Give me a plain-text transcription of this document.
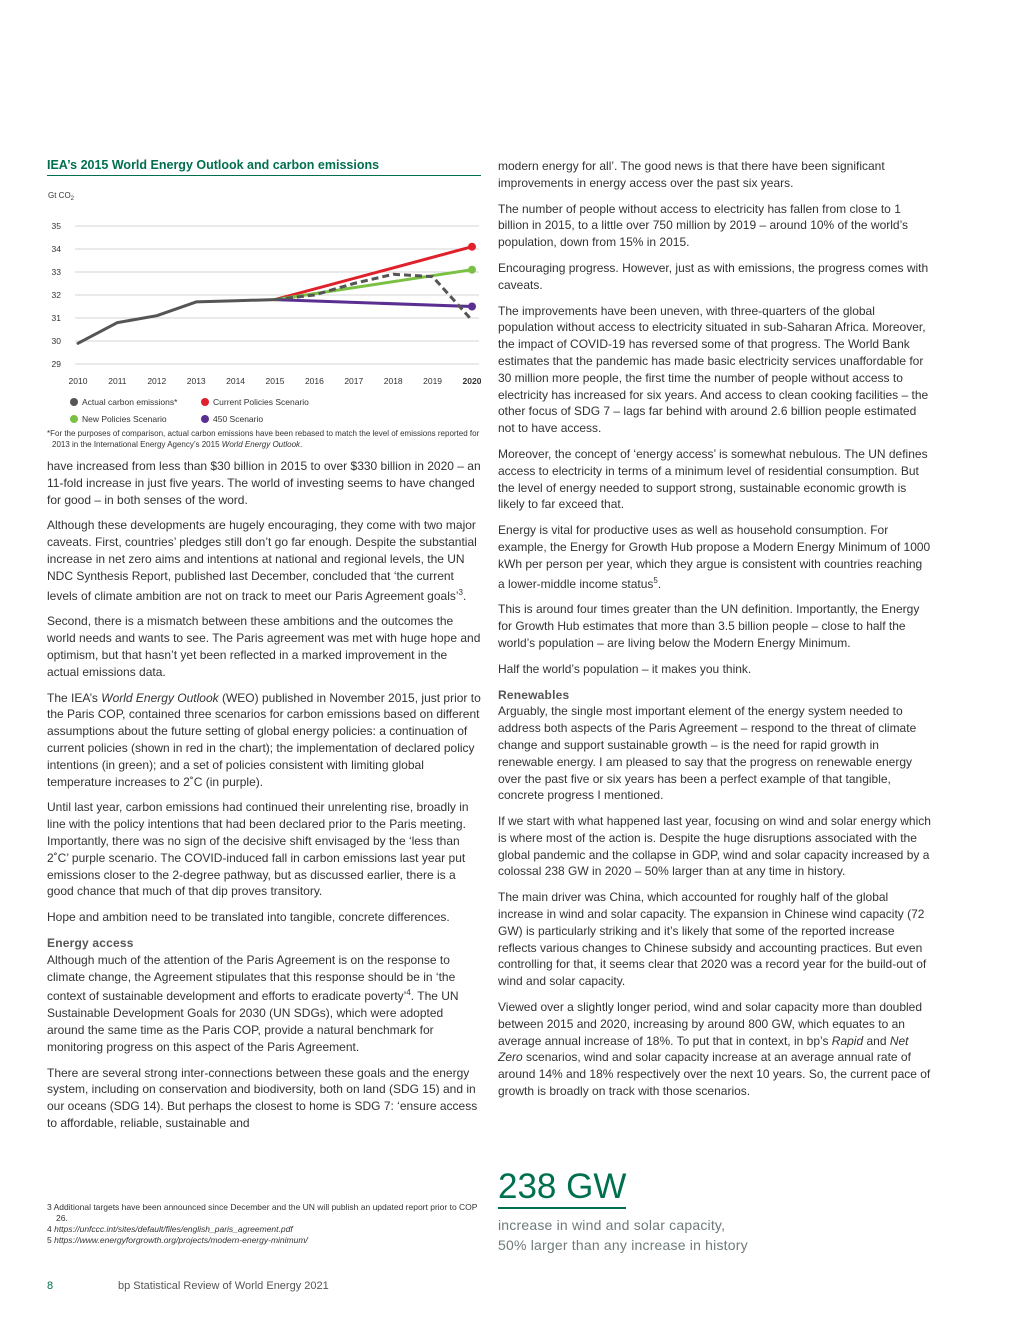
IEA’s 2015 World Energy Outlook and carbon emissions
Gt $CO_2$
35
34
33
32
31
30
29
2010 2011 2012 2013 2014 2015 2016 2017 2018 2019 2020
Actual carbon emissions*	Current Policies Scenario
New Policies Scenario	450 Scenario
*For the purposes of comparison, actual carbon emissions have been rebased to match the level of emissions reported for 2013 in the International Energy Agency’s 2015 World Energy Outlook.

have increased from less than $30 billion in 2015 to over $330 billion in 2020 – an 11-fold increase in just five years. The world of investing seems to have changed for good – in both senses of the word.

Although these developments are hugely encouraging, they come with two major caveats. First, countries’ pledges still don’t go far enough. Despite the substantial increase in net zero aims and intentions at national and regional levels, the UN NDC Synthesis Report, published last December, concluded that ‘the current levels of climate ambition are not on track to meet our Paris Agreement goals’$^3$.

Second, there is a mismatch between these ambitions and the outcomes the world needs and wants to see. The Paris agreement was met with huge hope and optimism, but that hasn’t yet been reflected in a marked improvement in the actual emissions data.

The IEA’s World Energy Outlook (WEO) published in November 2015, just prior to the Paris COP, contained three scenarios for carbon emissions based on different assumptions about the future setting of global energy policies: a continuation of current policies (shown in red in the chart); the implementation of declared policy intentions (in green); and a set of policies consistent with limiting global temperature increases to 2˚C (in purple).

Until last year, carbon emissions had continued their unrelenting rise, broadly in line with the policy intentions that had been declared prior to the Paris meeting. Importantly, there was no sign of the decisive shift envisaged by the ‘less than 2˚C’ purple scenario. The COVID-induced fall in carbon emissions last year put emissions closer to the 2-degree pathway, but as discussed earlier, there is a good chance that much of that dip proves transitory.

Hope and ambition need to be translated into tangible, concrete differences.

Energy access

Although much of the attention of the Paris Agreement is on the response to climate change, the Agreement stipulates that this response should be in ‘the context of sustainable development and efforts to eradicate poverty’$^4$. The UN Sustainable Development Goals for 2030 (UN SDGs), which were adopted around the same time as the Paris COP, provide a natural benchmark for monitoring progress on this aspect of the Paris Agreement.

There are several strong inter-connections between these goals and the energy system, including on conservation and biodiversity, both on land (SDG 15) and in our oceans (SDG 14). But perhaps the closest to home is SDG 7: ‘ensure access to affordable, reliable, sustainable and

modern energy for all’. The good news is that there have been significant improvements in energy access over the past six years.

The number of people without access to electricity has fallen from close to 1 billion in 2015, to a little over 750 million by 2019 – around 10% of the world’s population, down from 15% in 2015.

Encouraging progress. However, just as with emissions, the progress comes with caveats.

The improvements have been uneven, with three-quarters of the global population without access to electricity situated in sub-Saharan Africa. Moreover, the impact of COVID-19 has reversed some of that progress. The World Bank estimates that the pandemic has made basic electricity services unaffordable for 30 million more people, the first time the number of people without access to electricity has increased for six years. And access to clean cooking facilities – the other focus of SDG 7 – lags far behind with around 2.6 billion people estimated not to have access.

Moreover, the concept of ‘energy access’ is somewhat nebulous. The UN defines access to electricity in terms of a minimum level of residential consumption. But the level of energy needed to support strong, sustainable economic growth is likely to far exceed that.

Energy is vital for productive uses as well as household consumption. For example, the Energy for Growth Hub propose a Modern Energy Minimum of 1000 kWh per person per year, which they argue is consistent with countries reaching a lower-middle income status$^5$.

This is around four times greater than the UN definition. Importantly, the Energy for Growth Hub estimates that more than 3.5 billion people – close to half the world’s population – are living below the Modern Energy Minimum.

Half the world’s population – it makes you think.

Renewables

Arguably, the single most important element of the energy system needed to address both aspects of the Paris Agreement – respond to the threat of climate change and support sustainable growth – is the need for rapid growth in renewable energy. I am pleased to say that the progress on renewable energy over the past five or six years has been a perfect example of that tangible, concrete progress I mentioned.

If we start with what happened last year, focusing on wind and solar energy which is where most of the action is. Despite the huge disruptions associated with the global pandemic and the collapse in GDP, wind and solar capacity increased by a colossal 238 GW in 2020 – 50% larger than at any time in history.

The main driver was China, which accounted for roughly half of the global increase in wind and solar capacity. The expansion in Chinese wind capacity (72 GW) is particularly striking and it’s likely that some of the reported increase reflects various changes to Chinese subsidy and accounting practices. But even controlling for that, it seems clear that 2020 was a record year for the build-out of wind and solar capacity.

Viewed over a slightly longer period, wind and solar capacity more than doubled between 2015 and 2020, increasing by around 800 GW, which equates to an average annual increase of 18%. To put that in context, in bp’s Rapid and Net Zero scenarios, wind and solar capacity increase at an average annual rate of around 14% and 18% respectively over the next 10 years. So, the current pace of growth is broadly on track with those scenarios.

238 GW
increase in wind and solar capacity,
50% larger than any increase in history
3 Additional targets have been announced since December and the UN will publish an updated report prior to COP 26.
4 https://unfccc.int/sites/default/files/english_paris_agreement.pdf
5 https://www.energyforgrowth.org/projects/modern-energy-minimum/
8	bp Statistical Review of World Energy 2021
